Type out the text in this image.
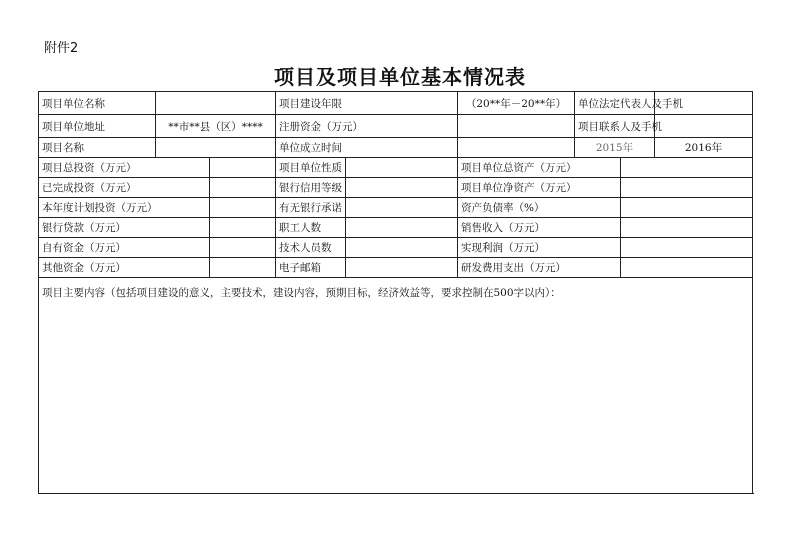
附件2
项目及项目单位基本情况表
项目单位名称			项目建设年限		（20**年－20**年）	单位法定代表人及手机			
项目单位地址	**市**县（区）****		注册资金（万元）			项目联系人及手机			
项目名称			单位成立时间			2015年		2016年	
项目总投资（万元）			项目单位性质		项目单位总资产（万元）				
已完成投资（万元）			银行信用等级		项目单位净资产（万元）				
本年度计划投资（万元）			有无银行承诺		资产负债率（%）				
银行贷款（万元）			职工人数		销售收入（万元）				
自有资金（万元）			技术人员数		实现利润（万元）				
其他资金（万元）			电子邮箱		研发费用支出（万元）				
项目主要内容（包括项目建设的意义，主要技术，建设内容，预期目标，经济效益等，要求控制在500字以内）：									
